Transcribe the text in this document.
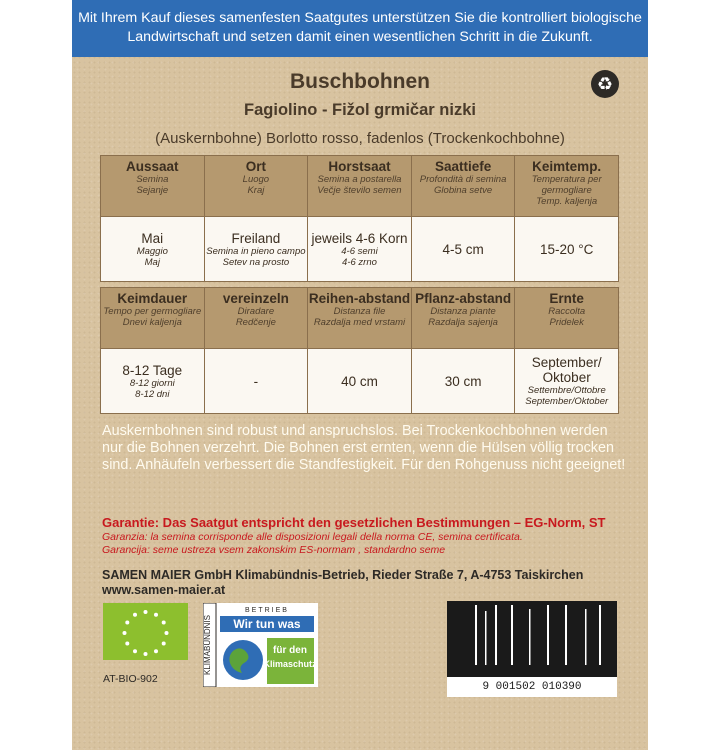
Mit Ihrem Kauf dieses samenfesten Saatgutes unterstützen Sie die kontrolliert biologische Landwirtschaft und setzen damit einen wesentlichen Schritt in die Zukunft.
Buschbohnen
Fagiolino - Fižol grmičar nizki
(Auskernbohne) Borlotto rosso, fadenlos (Trockenkochbohne)
♻
Aussaat
Semina
Sejanje	Ort
Luogo
Kraj	Horstsaat
Semina a postarella
Večje število semen	Saattiefe
Profondità di semina
Globina setve	Keimtemp.
Temperatura per germogliare
Temp. kaljenja

Mai
Maggio
Maj	Freiland
Semina in pieno campo
Setev na prosto	jeweils 4-6 Korn
4-6 semi
4-6 zrno	4-5 cm	15-20 °C
Keimdauer
Tempo per germogliare
Dnevi kaljenja	vereinzeln
Diradare
Redčenje	Reihen-abstand
Distanza file
Razdalja med vrstami	Pflanz-abstand
Distanza piante
Razdalja sajenja	Ernte
Raccolta
Pridelek

8-12 Tage
8-12 giorni
8-12 dni	-	40 cm	30 cm	September/ Oktober
Settembre/Ottobre
September/Oktober
Auskernbohnen sind robust und anspruchslos. Bei Trockenkochbohnen werden nur die Bohnen verzehrt. Die Bohnen erst ernten, wenn die Hülsen völlig trocken sind. Anhäufeln verbessert die Standfestigkeit. Für den Rohgenuss nicht geeignet!
Garantie: Das Saatgut entspricht den gesetzlichen Bestimmungen – EG-Norm, ST
Garanzia: la semina corrisponde alle disposizioni legali della norma CE, semina certificata.
Garancija: seme ustreza vsem zakonskim ES-normam , standardno seme
SAMEN MAIER GmbH Klimabündnis-Betrieb, Rieder Straße 7, A-4753 Taiskirchen
www.samen-maier.at
AT-BIO-902
KLIMABÜNDNIS
BETRIEB
Wir tun was
für den
Klimaschutz
9 001502 010390
